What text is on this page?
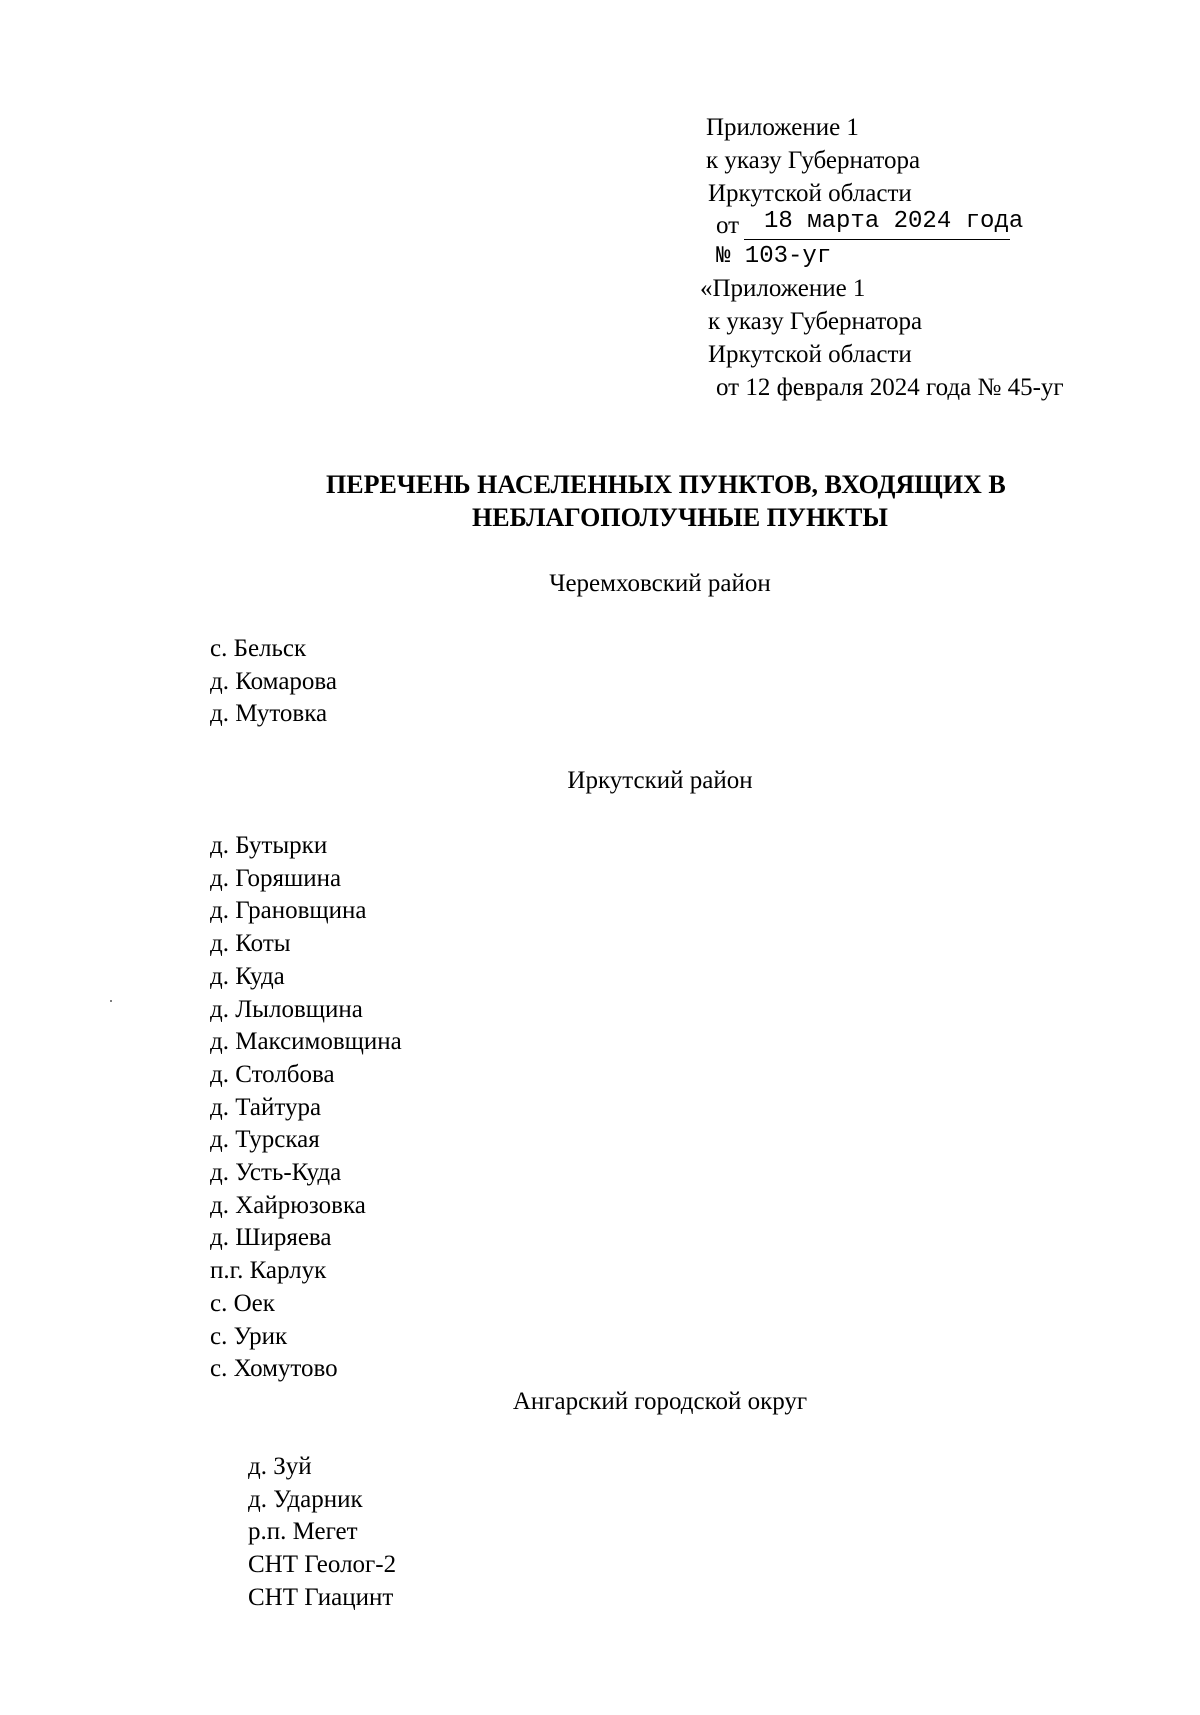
Приложение 1
к указу Губернатора
Иркутской области
от 18 марта 2024 года
№ 103-уг
«Приложение 1
к указу Губернатора
Иркутской области
от 12 февраля 2024 года № 45-уг
ПЕРЕЧЕНЬ НАСЕЛЕННЫХ ПУНКТОВ, ВХОДЯЩИХ В
НЕБЛАГОПОЛУЧНЫЕ ПУНКТЫ
Черемховский район
с. Бельск
д. Комарова
д. Мутовка
Иркутский район
д. Бутырки
д. Горяшина
д. Грановщина
д. Коты
д. Куда
д. Лыловщина
д. Максимовщина
д. Столбова
д. Тайтура
д. Турская
д. Усть-Куда
д. Хайрюзовка
д. Ширяева
п.г. Карлук
с. Оек
с. Урик
с. Хомутово
Ангарский городской округ
д. Зуй
д. Ударник
р.п. Мегет
СНТ Геолог-2
СНТ Гиацинт
